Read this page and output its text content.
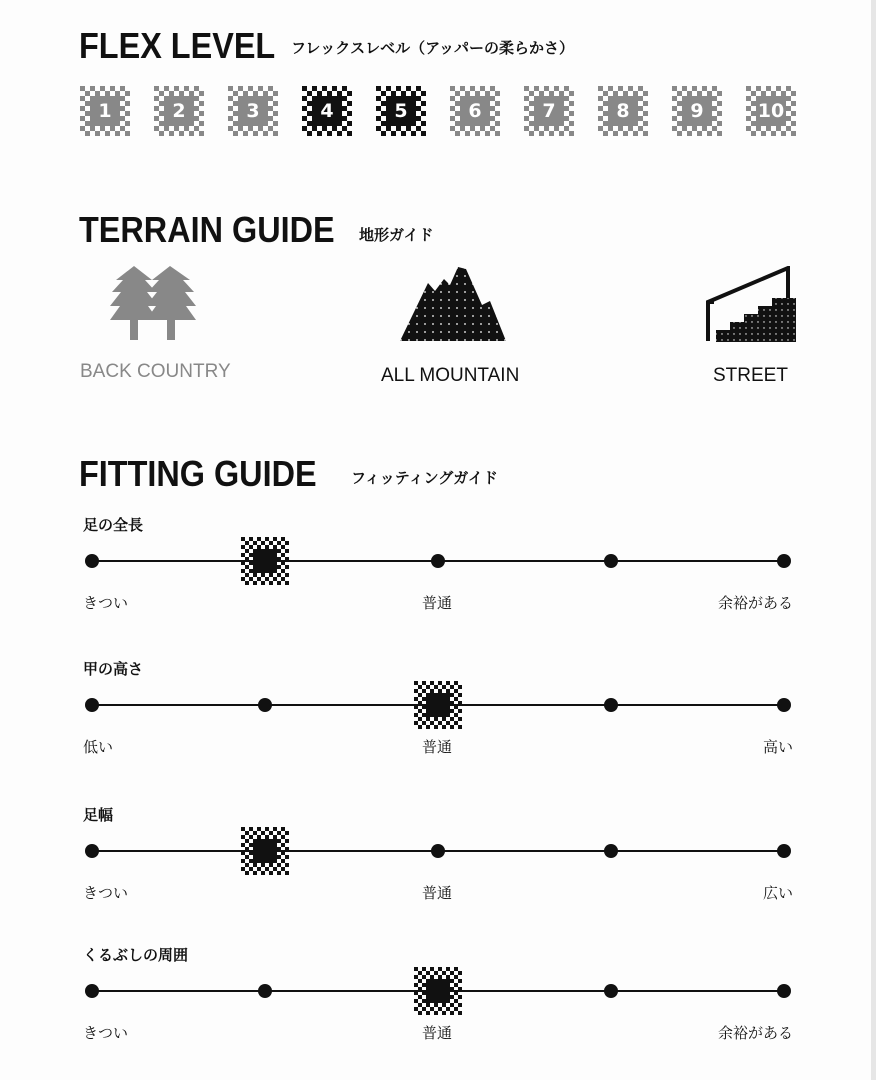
FLEX LEVEL フレックスレベル（アッパーの柔らかさ）
1	2	3	4	5	6	7	8	9	10
TERRAIN GUIDE 地形ガイド
BACK COUNTRY	ALL MOUNTAIN	STREET
FITTING GUIDE フィッティングガイド
足の全長
きつい	普通	余裕がある
甲の高さ
低い	普通	高い
足幅
きつい	普通	広い
くるぶしの周囲
きつい	普通	余裕がある
